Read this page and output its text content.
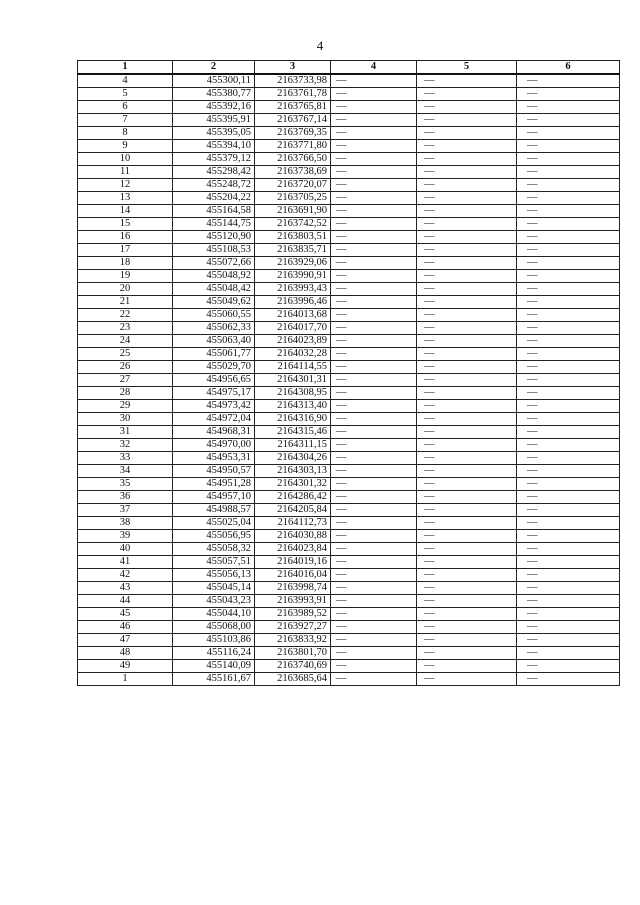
4
1	2	3	4	5	6
4	455300,11	2163733,98	—	—	—
5	455380,77	2163761,78	—	—	—
6	455392,16	2163765,81	—	—	—
7	455395,91	2163767,14	—	—	—
8	455395,05	2163769,35	—	—	—
9	455394,10	2163771,80	—	—	—
10	455379,12	2163766,50	—	—	—
11	455298,42	2163738,69	—	—	—
12	455248,72	2163720,07	—	—	—
13	455204,22	2163705,25	—	—	—
14	455164,58	2163691,90	—	—	—
15	455144,75	2163742,52	—	—	—
16	455120,90	2163803,51	—	—	—
17	455108,53	2163835,71	—	—	—
18	455072,66	2163929,06	—	—	—
19	455048,92	2163990,91	—	—	—
20	455048,42	2163993,43	—	—	—
21	455049,62	2163996,46	—	—	—
22	455060,55	2164013,68	—	—	—
23	455062,33	2164017,70	—	—	—
24	455063,40	2164023,89	—	—	—
25	455061,77	2164032,28	—	—	—
26	455029,70	2164114,55	—	—	—
27	454956,65	2164301,31	—	—	—
28	454975,17	2164308,95	—	—	—
29	454973,42	2164313,40	—	—	—
30	454972,04	2164316,90	—	—	—
31	454968,31	2164315,46	—	—	—
32	454970,00	2164311,15	—	—	—
33	454953,31	2164304,26	—	—	—
34	454950,57	2164303,13	—	—	—
35	454951,28	2164301,32	—	—	—
36	454957,10	2164286,42	—	—	—
37	454988,57	2164205,84	—	—	—
38	455025,04	2164112,73	—	—	—
39	455056,95	2164030,88	—	—	—
40	455058,32	2164023,84	—	—	—
41	455057,51	2164019,16	—	—	—
42	455056,13	2164016,04	—	—	—
43	455045,14	2163998,74	—	—	—
44	455043,23	2163993,91	—	—	—
45	455044,10	2163989,52	—	—	—
46	455068,00	2163927,27	—	—	—
47	455103,86	2163833,92	—	—	—
48	455116,24	2163801,70	—	—	—
49	455140,09	2163740,69	—	—	—
1	455161,67	2163685,64	—	—	—
